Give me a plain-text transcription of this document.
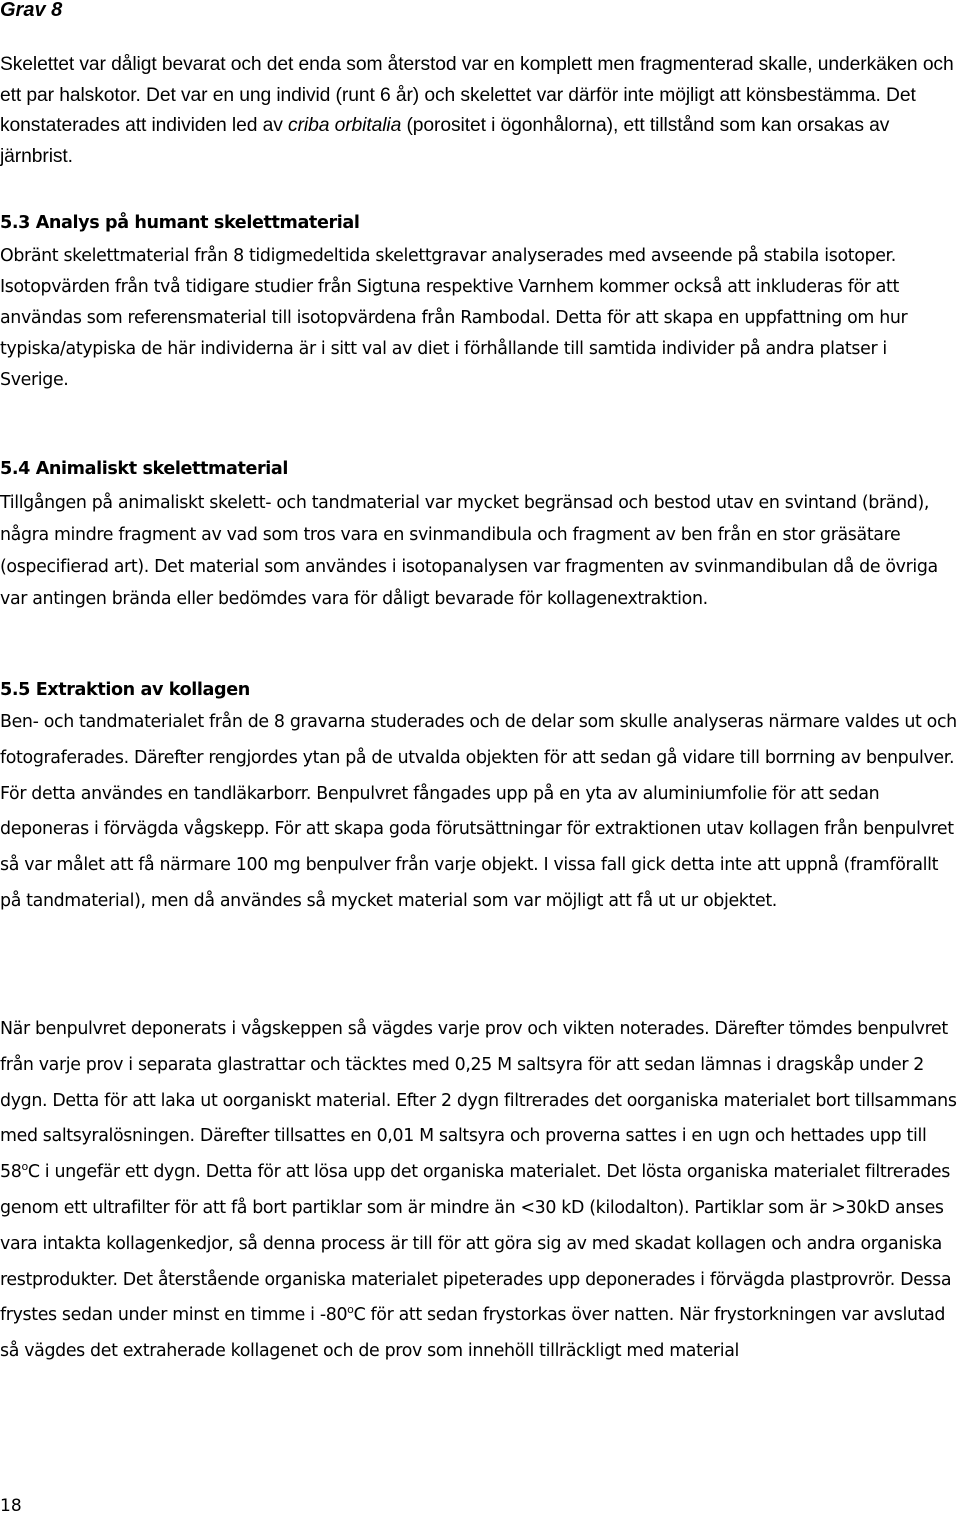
Grav 8

Skelettet var dåligt bevarat och det enda som återstod var en komplett men fragmenterad skalle, underkäken och ett par halskotor. Det var en ung individ (runt 6 år) och skelettet var därför inte möjligt att könsbestämma. Det konstaterades att individen led av criba orbitalia (porositet i ögonhålorna), ett tillstånd som kan orsakas av järnbrist.

5.3 Analys på humant skelettmaterial

Obränt skelettmaterial från 8 tidigmedeltida skelettgravar analyserades med avseende på stabila isotoper. Isotopvärden från två tidigare studier från Sigtuna respektive Varnhem kommer också att inkluderas för att användas som referensmaterial till isotopvärdena från Rambodal. Detta för att skapa en uppfattning om hur typiska/atypiska de här individerna är i sitt val av diet i förhållande till samtida individer på andra platser i Sverige.

5.4 Animaliskt skelettmaterial

Tillgången på animaliskt skelett- och tandmaterial var mycket begränsad och bestod utav en svintand (bränd), några mindre fragment av vad som tros vara en svinmandibula och fragment av ben från en stor gräsätare (ospecifierad art). Det material som användes i isotopanalysen var fragmenten av svinmandibulan då de övriga var antingen brända eller bedömdes vara för dåligt bevarade för kollagenextraktion.

5.5 Extraktion av kollagen

Ben- och tandmaterialet från de 8 gravarna studerades och de delar som skulle analyseras närmare valdes ut och fotograferades. Därefter rengjordes ytan på de utvalda objekten för att sedan gå vidare till borrning av benpulver. För detta användes en tandläkarborr. Benpulvret fångades upp på en yta av aluminiumfolie för att sedan deponeras i förvägda vågskepp. För att skapa goda förutsättningar för extraktionen utav kollagen från benpulvret så var målet att få närmare 100 mg benpulver från varje objekt. I vissa fall gick detta inte att uppnå (framförallt på tandmaterial), men då användes så mycket material som var möjligt att få ut ur objektet.

När benpulvret deponerats i vågskeppen så vägdes varje prov och vikten noterades. Därefter tömdes benpulvret från varje prov i separata glastrattar och täcktes med 0,25 M saltsyra för att sedan lämnas i dragskåp under 2 dygn. Detta för att laka ut oorganiskt material. Efter 2 dygn filtrerades det oorganiska materialet bort tillsammans med saltsyralösningen. Därefter tillsattes en 0,01 M saltsyra och proverna sattes i en ugn och hettades upp till 58$^o$C i ungefär ett dygn. Detta för att lösa upp det organiska materialet. Det lösta organiska materialet filtrerades genom ett ultrafilter för att få bort partiklar som är mindre än <30 kD (kilodalton). Partiklar som är >30kD anses vara intakta kollagenkedjor, så denna process är till för att göra sig av med skadat kollagen och andra organiska restprodukter. Det återstående organiska materialet pipeterades upp deponerades i förvägda plastprovrör. Dessa frystes sedan under minst en timme i -80$^o$C för att sedan frystorkas över natten. När frystorkningen var avslutad så vägdes det extraherade kollagenet och de prov som innehöll tillräckligt med material

18
